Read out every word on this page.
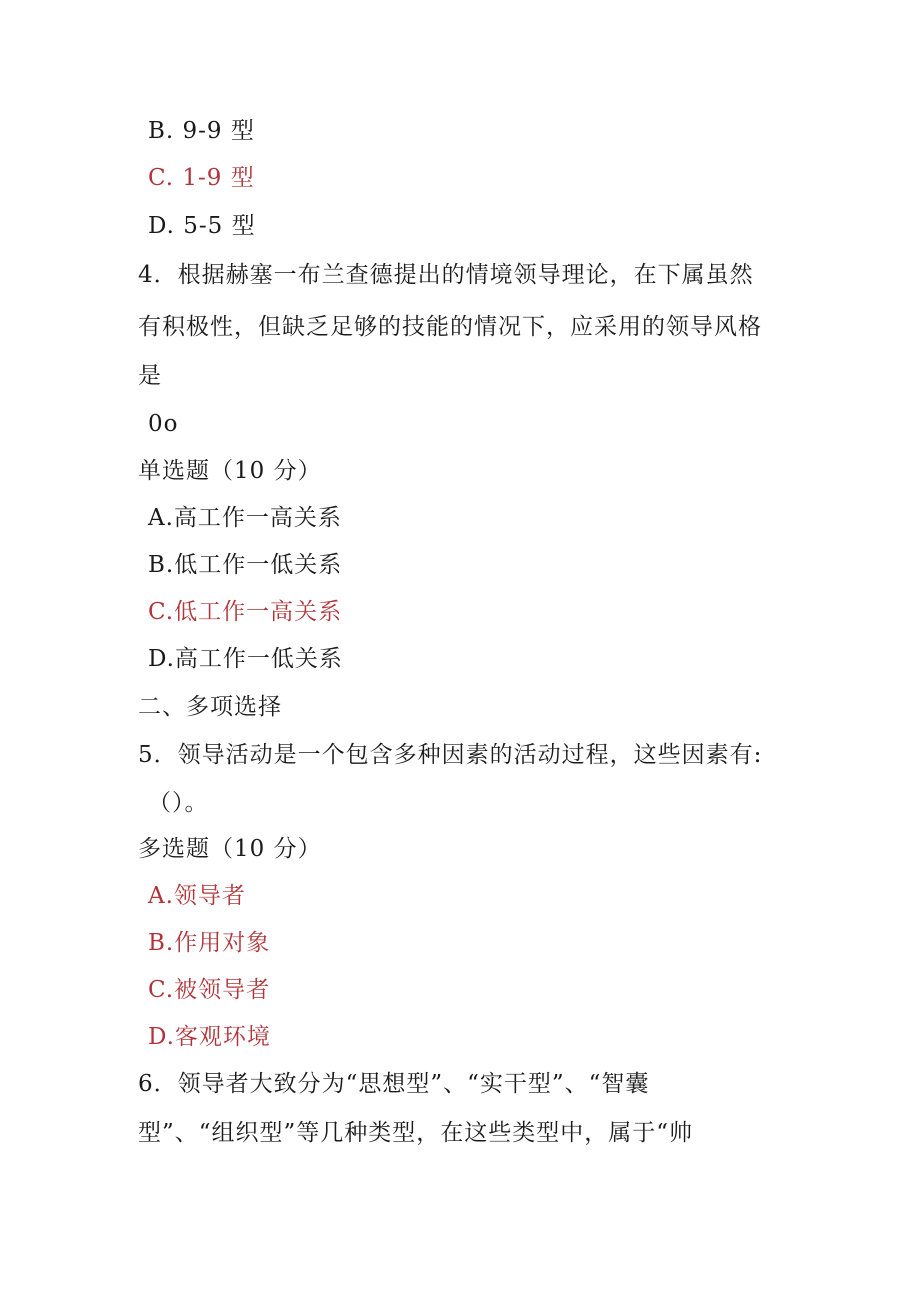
B. 9-9 型
C. 1-9 型
D. 5-5 型
4．根据赫塞一布兰查德提出的情境领导理论，在下属虽然
有积极性，但缺乏足够的技能的情况下，应采用的领导风格
是
0o
单选题（10 分）
A.高工作一高关系
B.低工作一低关系
C.低工作一高关系
D.高工作一低关系
二、多项选择
5．领导活动是一个包含多种因素的活动过程，这些因素有:
（）。
多选题（10 分）
A.领导者
B.作用对象
C.被领导者
D.客观环境
6．领导者大致分为“思想型”、“实干型”、“智囊
型”、“组织型”等几种类型，在这些类型中，属于“帅
